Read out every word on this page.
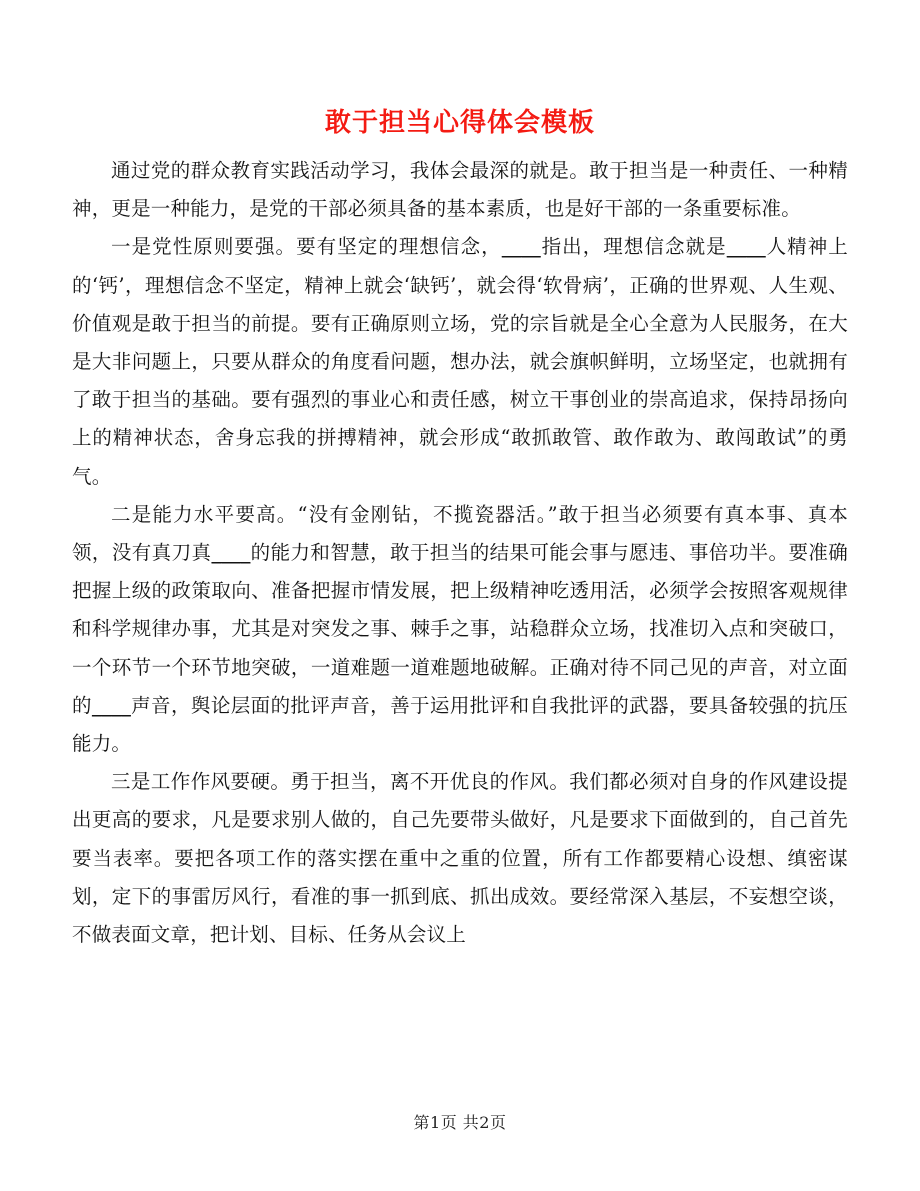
敢于担当心得体会模板

通过党的群众教育实践活动学习，我体会最深的就是。敢于担当是一种责任、一种精神，更是一种能力，是党的干部必须具备的基本素质，也是好干部的一条重要标准。

一是党性原则要强。要有坚定的理想信念，____指出，理想信念就是____人精神上的‘钙’，理想信念不坚定，精神上就会‘缺钙’，就会得‘软骨病’，正确的世界观、人生观、价值观是敢于担当的前提。要有正确原则立场，党的宗旨就是全心全意为人民服务，在大是大非问题上，只要从群众的角度看问题，想办法，就会旗帜鲜明，立场坚定，也就拥有了敢于担当的基础。要有强烈的事业心和责任感，树立干事创业的崇高追求，保持昂扬向上的精神状态，舍身忘我的拼搏精神，就会形成“敢抓敢管、敢作敢为、敢闯敢试”的勇气。

二是能力水平要高。“没有金刚钻，不揽瓷器活。”敢于担当必须要有真本事、真本领，没有真刀真____的能力和智慧，敢于担当的结果可能会事与愿违、事倍功半。要准确把握上级的政策取向、准备把握市情发展，把上级精神吃透用活，必须学会按照客观规律和科学规律办事，尤其是对突发之事、棘手之事，站稳群众立场，找准切入点和突破口，一个环节一个环节地突破，一道难题一道难题地破解。正确对待不同己见的声音，对立面的____声音，舆论层面的批评声音，善于运用批评和自我批评的武器，要具备较强的抗压能力。

三是工作作风要硬。勇于担当，离不开优良的作风。我们都必须对自身的作风建设提出更高的要求，凡是要求别人做的，自己先要带头做好，凡是要求下面做到的，自己首先要当表率。要把各项工作的落实摆在重中之重的位置，所有工作都要精心设想、缜密谋划，定下的事雷厉风行，看准的事一抓到底、抓出成效。要经常深入基层，不妄想空谈，不做表面文章，把计划、目标、任务从会议上

第1页 共2页
